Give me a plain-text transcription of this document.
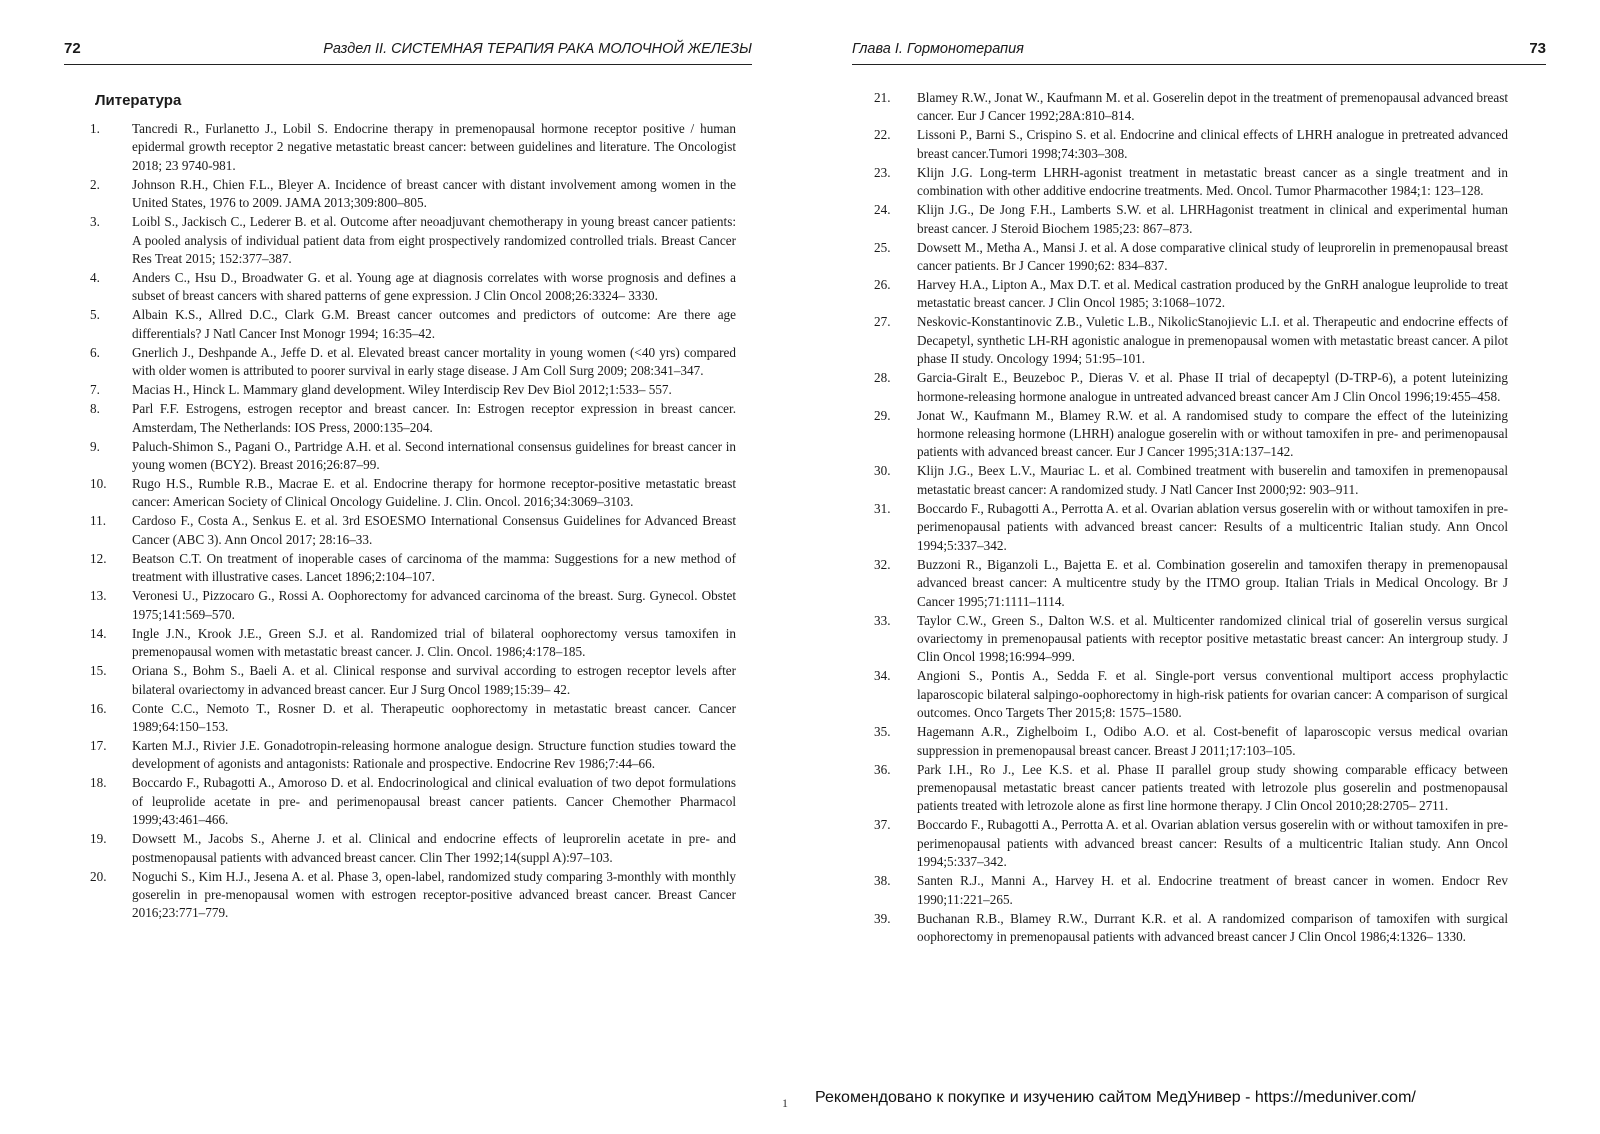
72	Раздел II. СИСТЕМНАЯ ТЕРАПИЯ РАКА МОЛОЧНОЙ ЖЕЛЕЗЫ
Литература
1. Tancredi R., Furlanetto J., Lobil S. Endocrine therapy in premenopausal hormone receptor positive / human epidermal growth receptor 2 negative metastatic breast cancer: between guidelines and literature. The Oncologist 2018; 23 9740-981.
2. Johnson R.H., Chien F.L., Bleyer A. Incidence of breast cancer with distant involvement among women in the United States, 1976 to 2009. JAMA 2013;309:800–805.
3. Loibl S., Jackisch C., Lederer B. et al. Outcome after neoadjuvant chemotherapy in young breast cancer patients: A pooled analysis of individual patient data from eight prospectively randomized controlled trials. Breast Cancer Res Treat 2015; 152:377–387.
4. Anders C., Hsu D., Broadwater G. et al. Young age at diagnosis correlates with worse prognosis and defines a subset of breast cancers with shared patterns of gene expression. J Clin Oncol 2008;26:3324– 3330.
5. Albain K.S., Allred D.C., Clark G.M. Breast cancer outcomes and predictors of outcome: Are there age differentials? J Natl Cancer Inst Monogr 1994; 16:35–42.
6. Gnerlich J., Deshpande A., Jeffe D. et al. Elevated breast cancer mortality in young women (<40 yrs) compared with older women is attributed to poorer survival in early stage disease. J Am Coll Surg 2009; 208:341–347.
7. Macias H., Hinck L. Mammary gland development. Wiley Interdiscip Rev Dev Biol 2012;1:533– 557.
8. Parl F.F. Estrogens, estrogen receptor and breast cancer. In: Estrogen receptor expression in breast cancer. Amsterdam, The Netherlands: IOS Press, 2000:135–204.
9. Paluch-Shimon S., Pagani O., Partridge A.H. et al. Second international consensus guidelines for breast cancer in young women (BCY2). Breast 2016;26:87–99.
10. Rugo H.S., Rumble R.B., Macrae E. et al. Endocrine therapy for hormone receptor-positive metastatic breast cancer: American Society of Clinical Oncology Guideline. J. Clin. Oncol. 2016;34:3069–3103.
11. Cardoso F., Costa A., Senkus E. et al. 3rd ESOESMO International Consensus Guidelines for Advanced Breast Cancer (ABC 3). Ann Oncol 2017; 28:16–33.
12. Beatson C.T. On treatment of inoperable cases of carcinoma of the mamma: Suggestions for a new method of treatment with illustrative cases. Lancet 1896;2:104–107.
13. Veronesi U., Pizzocaro G., Rossi A. Oophorectomy for advanced carcinoma of the breast. Surg. Gynecol. Obstet 1975;141:569–570.
14. Ingle J.N., Krook J.E., Green S.J. et al. Randomized trial of bilateral oophorectomy versus tamoxifen in premenopausal women with metastatic breast cancer. J. Clin. Oncol. 1986;4:178–185.
15. Oriana S., Bohm S., Baeli A. et al. Clinical response and survival according to estrogen receptor levels after bilateral ovariectomy in advanced breast cancer. Eur J Surg Oncol 1989;15:39– 42.
16. Conte C.C., Nemoto T., Rosner D. et al. Therapeutic oophorectomy in metastatic breast cancer. Cancer 1989;64:150–153.
17. Karten M.J., Rivier J.E. Gonadotropin-releasing hormone analogue design. Structure function studies toward the development of agonists and antagonists: Rationale and prospective. Endocrine Rev 1986;7:44–66.
18. Boccardo F., Rubagotti A., Amoroso D. et al. Endocrinological and clinical evaluation of two depot formulations of leuprolide acetate in pre- and perimenopausal breast cancer patients. Cancer Chemother Pharmacol 1999;43:461–466.
19. Dowsett M., Jacobs S., Aherne J. et al. Clinical and endocrine effects of leuprorelin acetate in pre- and postmenopausal patients with advanced breast cancer. Clin Ther 1992;14(suppl A):97–103.
20. Noguchi S., Kim H.J., Jesena A. et al. Phase 3, open-label, randomized study comparing 3-monthly with monthly goserelin in pre-menopausal women with estrogen receptor-positive advanced breast cancer. Breast Cancer 2016;23:771–779.
Глава I. Гормонотерапия	73
21. Blamey R.W., Jonat W., Kaufmann M. et al. Goserelin depot in the treatment of premenopausal advanced breast cancer. Eur J Cancer 1992;28A:810–814.
22. Lissoni P., Barni S., Crispino S. et al. Endocrine and clinical effects of LHRH analogue in pretreated advanced breast cancer.Tumori 1998;74:303–308.
23. Klijn J.G. Long-term LHRH-agonist treatment in metastatic breast cancer as a single treatment and in combination with other additive endocrine treatments. Med. Oncol. Tumor Pharmacother 1984;1: 123–128.
24. Klijn J.G., De Jong F.H., Lamberts S.W. et al. LHRHagonist treatment in clinical and experimental human breast cancer. J Steroid Biochem 1985;23: 867–873.
25. Dowsett M., Metha A., Mansi J. et al. A dose comparative clinical study of leuprorelin in premenopausal breast cancer patients. Br J Cancer 1990;62: 834–837.
26. Harvey H.A., Lipton A., Max D.T. et al. Medical castration produced by the GnRH analogue leuprolide to treat metastatic breast cancer. J Clin Oncol 1985; 3:1068–1072.
27. Neskovic-Konstantinovic Z.B., Vuletic L.B., NikolicStanojievic L.I. et al. Therapeutic and endocrine effects of Decapetyl, synthetic LH-RH agonistic analogue in premenopausal women with metastatic breast cancer. A pilot phase II study. Oncology 1994; 51:95–101.
28. Garcia-Giralt E., Beuzeboc P., Dieras V. et al. Phase II trial of decapeptyl (D-TRP-6), a potent luteinizing hormone-releasing hormone analogue in untreated advanced breast cancer Am J Clin Oncol 1996;19:455–458.
29. Jonat W., Kaufmann M., Blamey R.W. et al. A randomised study to compare the effect of the luteinizing hormone releasing hormone (LHRH) analogue goserelin with or without tamoxifen in pre- and perimenopausal patients with advanced breast cancer. Eur J Cancer 1995;31A:137–142.
30. Klijn J.G., Beex L.V., Mauriac L. et al. Combined treatment with buserelin and tamoxifen in premenopausal metastatic breast cancer: A randomized study. J Natl Cancer Inst 2000;92: 903–911.
31. Boccardo F., Rubagotti A., Perrotta A. et al. Ovarian ablation versus goserelin with or without tamoxifen in pre-perimenopausal patients with advanced breast cancer: Results of a multicentric Italian study. Ann Oncol 1994;5:337–342.
32. Buzzoni R., Biganzoli L., Bajetta E. et al. Combination goserelin and tamoxifen therapy in premenopausal advanced breast cancer: A multicentre study by the ITMO group. Italian Trials in Medical Oncology. Br J Cancer 1995;71:1111–1114.
33. Taylor C.W., Green S., Dalton W.S. et al. Multicenter randomized clinical trial of goserelin versus surgical ovariectomy in premenopausal patients with receptor positive metastatic breast cancer: An intergroup study. J Clin Oncol 1998;16:994–999.
34. Angioni S., Pontis A., Sedda F. et al. Single-port versus conventional multiport access prophylactic laparoscopic bilateral salpingo-oophorectomy in high-risk patients for ovarian cancer: A comparison of surgical outcomes. Onco Targets Ther 2015;8: 1575–1580.
35. Hagemann A.R., Zighelboim I., Odibo A.O. et al. Cost-benefit of laparoscopic versus medical ovarian suppression in premenopausal breast cancer. Breast J 2011;17:103–105.
36. Park I.H., Ro J., Lee K.S. et al. Phase II parallel group study showing comparable efficacy between premenopausal metastatic breast cancer patients treated with letrozole plus goserelin and postmenopausal patients treated with letrozole alone as first line hormone therapy. J Clin Oncol 2010;28:2705– 2711.
37. Boccardo F., Rubagotti A., Perrotta A. et al. Ovarian ablation versus goserelin with or without tamoxifen in pre-perimenopausal patients with advanced breast cancer: Results of a multicentric Italian study. Ann Oncol 1994;5:337–342.
38. Santen R.J., Manni A., Harvey H. et al. Endocrine treatment of breast cancer in women. Endocr Rev 1990;11:221–265.
39. Buchanan R.B., Blamey R.W., Durrant K.R. et al. A randomized comparison of tamoxifen with surgical oophorectomy in premenopausal patients with advanced breast cancer J Clin Oncol 1986;4:1326– 1330.
1 Рекомендовано к покупке и изучению сайтом МедУнивер - https://meduniver.com/
